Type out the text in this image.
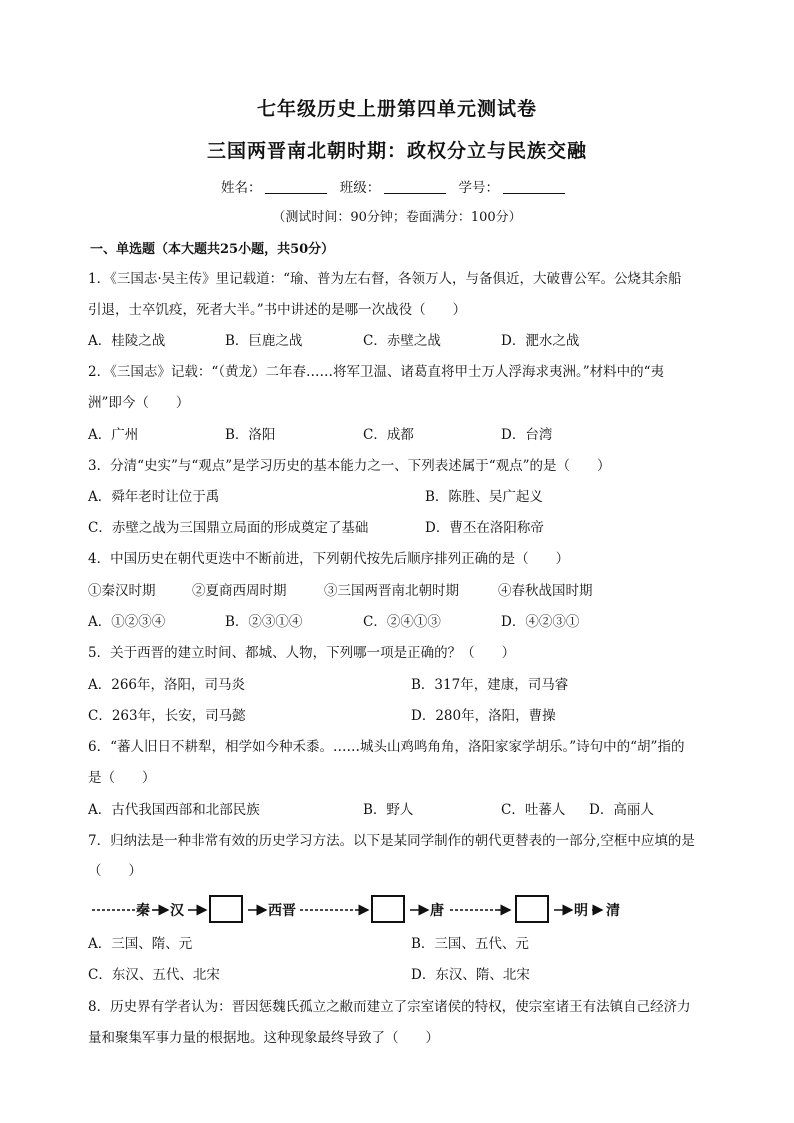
七年级历史上册第四单元测试卷
三国两晋南北朝时期：政权分立与民族交融
姓名：	班级：	学号：
（测试时间：90分钟；卷面满分：100分）
一、单选题（本大题共25小题，共50分）
1．《三国志·吴主传》里记载道：“瑜、普为左右督，各领万人，与备俱近，大破曹公军。公烧其余船
引退，士卒饥疫，死者大半。”书中讲述的是哪一次战役（　　）
A．桂陵之战	B．巨鹿之战	C．赤壁之战	D．淝水之战
2．《三国志》记载：“（黄龙）二年春……将军卫温、诸葛直将甲士万人浮海求夷洲。”材料中的“夷
洲”即今（　　）
A．广州	B．洛阳	C．成都	D．台湾
3．分清“史实”与“观点”是学习历史的基本能力之一、下列表述属于“观点”的是（　　）
A．舜年老时让位于禹	B．陈胜、吴广起义
C．赤壁之战为三国鼎立局面的形成奠定了基础	D．曹丕在洛阳称帝
4．中国历史在朝代更迭中不断前进，下列朝代按先后顺序排列正确的是（　　）
①秦汉时期	②夏商西周时期	③三国两晋南北朝时期	④春秋战国时期
A．①②③④	B．②③①④	C．②④①③	D．④②③①
5．关于西晋的建立时间、都城、人物，下列哪一项是正确的？（　　）
A．266年，洛阳，司马炎	B．317年，建康，司马睿
C．263年，长安，司马懿	D．280年，洛阳，曹操
6．“蕃人旧日不耕犁，相学如今种禾黍。……城头山鸡鸣角角，洛阳家家学胡乐。”诗句中的“胡”指的
是（　　）
A．古代我国西部和北部民族	B．野人	C．吐蕃人 D．高丽人
7．归纳法是一种非常有效的历史学习方法。以下是某同学制作的朝代更替表的一部分,空框中应填的是
（　　）
秦 汉	西晋	唐	明 清
A．三国、隋、元	B．三国、五代、元
C．东汉、五代、北宋	D．东汉、隋、北宋
8．历史界有学者认为：晋因惩魏氏孤立之敝而建立了宗室诸侯的特权，使宗室诸王有法镇自己经济力
量和聚集军事力量的根据地。这种现象最终导致了（　　）
